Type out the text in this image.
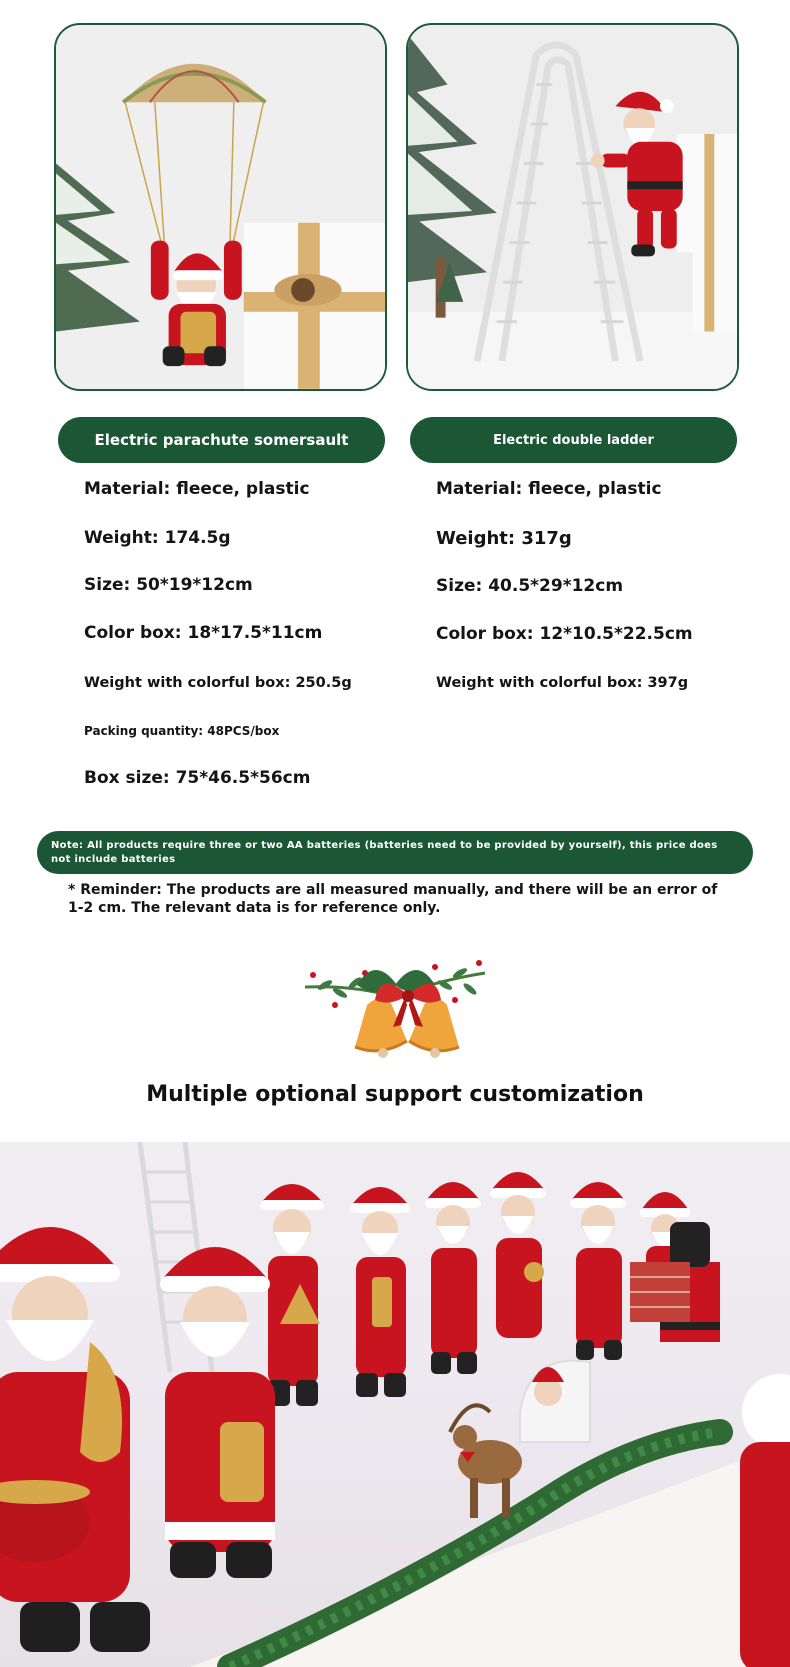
Electric parachute somersault	Electric double ladder
Material: fleece, plastic
Weight: 174.5g
Size: 50*19*12cm
Color box: 18*17.5*11cm
Weight with colorful box: 250.5g
Packing quantity: 48PCS/box
Box size: 75*46.5*56cm
Material: fleece, plastic
Weight: 317g
Size: 40.5*29*12cm
Color box: 12*10.5*22.5cm
Weight with colorful box: 397g
Note: All products require three or two AA batteries (batteries need to be provided by yourself), this price does not include batteries
* Reminder: The products are all measured manually, and there will be an error of 1-2 cm. The relevant data is for reference only.
Multiple optional support customization
